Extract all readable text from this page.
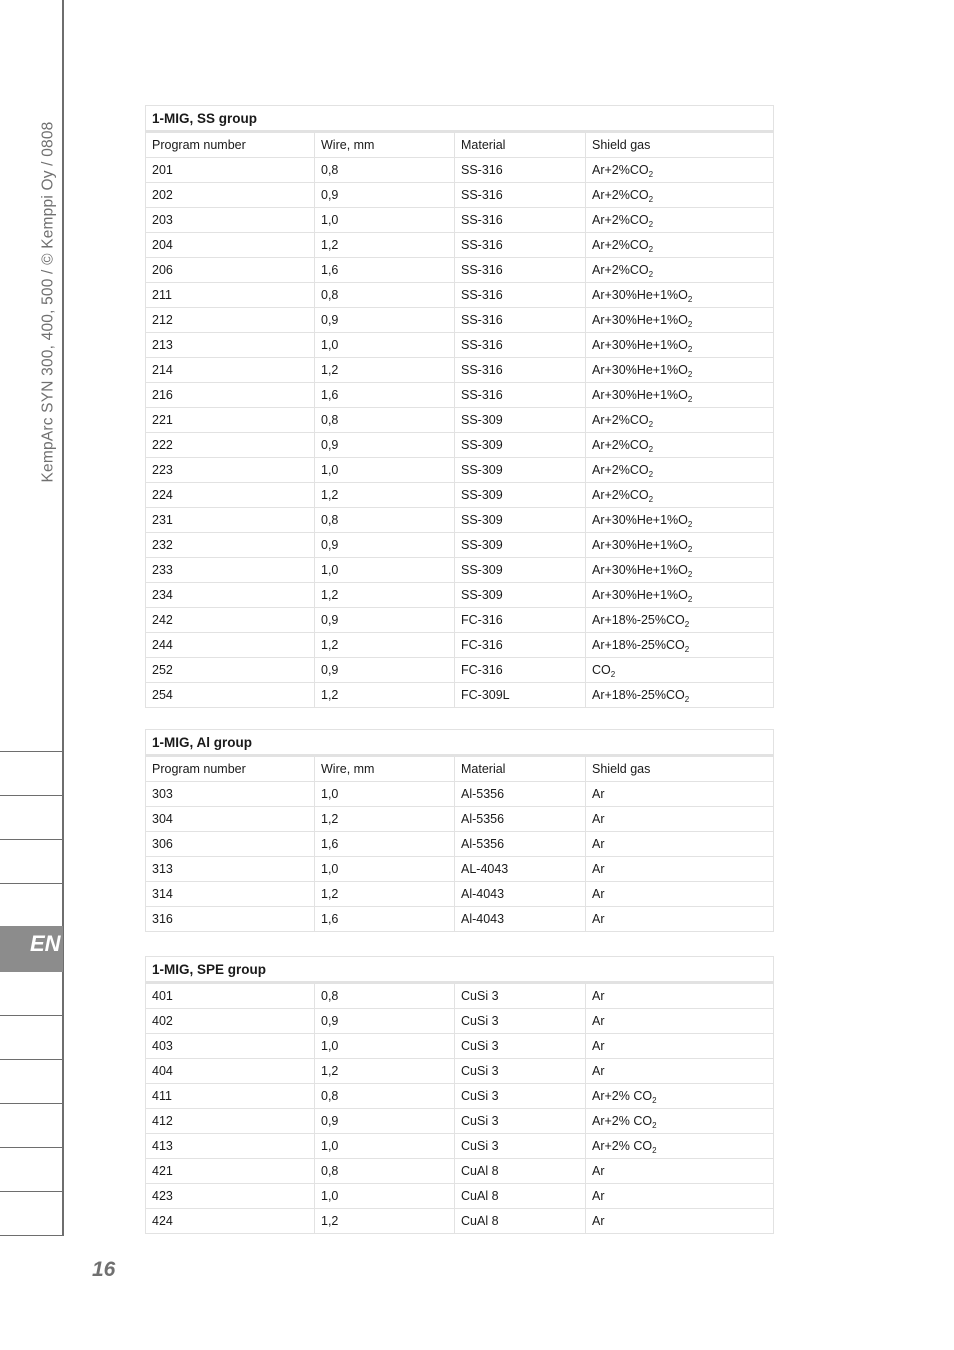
KempArc SYN 300, 400, 500 / © Kemppi Oy / 0808
EN
1-MIG, SS group			
Program number	Wire, mm	Material	Shield gas
201	0,8	SS-316	$Ar+2\%CO_2$
202	0,9	SS-316	$Ar+2\%CO_2$
203	1,0	SS-316	$Ar+2\%CO_2$
204	1,2	SS-316	$Ar+2\%CO_2$
206	1,6	SS-316	$Ar+2\%CO_2$
211	0,8	SS-316	$Ar+30\%He+1\%O_2$
212	0,9	SS-316	$Ar+30\%He+1\%O_2$
213	1,0	SS-316	$Ar+30\%He+1\%O_2$
214	1,2	SS-316	$Ar+30\%He+1\%O_2$
216	1,6	SS-316	$Ar+30\%He+1\%O_2$
221	0,8	SS-309	$Ar+2\%CO_2$
222	0,9	SS-309	$Ar+2\%CO_2$
223	1,0	SS-309	$Ar+2\%CO_2$
224	1,2	SS-309	$Ar+2\%CO_2$
231	0,8	SS-309	$Ar+30\%He+1\%O_2$
232	0,9	SS-309	$Ar+30\%He+1\%O_2$
233	1,0	SS-309	$Ar+30\%He+1\%O_2$
234	1,2	SS-309	$Ar+30\%He+1\%O_2$
242	0,9	FC-316	$Ar+18\%-25\%CO_2$
244	1,2	FC-316	$Ar+18\%-25\%CO_2$
252	0,9	FC-316	$CO_2$
254	1,2	FC-309L	$Ar+18\%-25\%CO_2$
1-MIG, Al group			
Program number	Wire, mm	Material	Shield gas
303	1,0	Al-5356	Ar
304	1,2	Al-5356	Ar
306	1,6	Al-5356	Ar
313	1,0	AL-4043	Ar
314	1,2	Al-4043	Ar
316	1,6	Al-4043	Ar
1-MIG, SPE group			
401	0,8	CuSi 3	Ar
402	0,9	CuSi 3	Ar
403	1,0	CuSi 3	Ar
404	1,2	CuSi 3	Ar
411	0,8	CuSi 3	Ar+2% $CO_2$
412	0,9	CuSi 3	Ar+2% $CO_2$
413	1,0	CuSi 3	Ar+2% $CO_2$
421	0,8	CuAl 8	Ar
423	1,0	CuAl 8	Ar
424	1,2	CuAl 8	Ar
16
